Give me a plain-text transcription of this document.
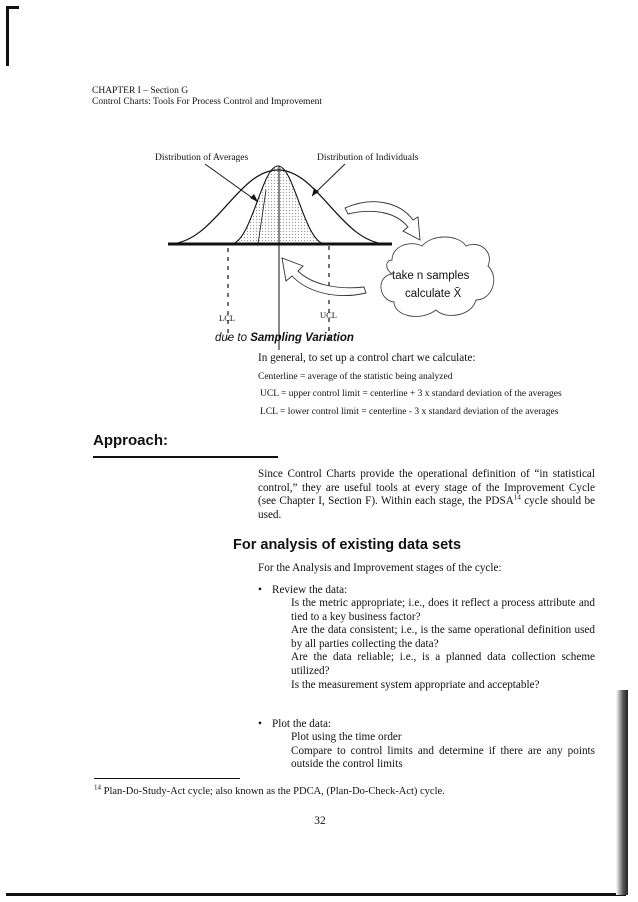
CHAPTER I – Section G
Control Charts: Tools For Process Control and Improvement
Distribution of Averages	Distribution of Individuals
take n samples
calculate X̄
LCL	UCL
due to Sampling Variation
In general, to set up a control chart we calculate:
Centerline = average of the statistic being analyzed
UCL = upper control limit = centerline + 3 x standard deviation of the averages
LCL = lower control limit = centerline - 3 x standard deviation of the averages
Approach:
Since Control Charts provide the operational definition of “in statistical control,” they are useful tools at every stage of the Improvement Cycle (see Chapter I, Section F). Within each stage, the PDSA$^{14}$ cycle should be used.
For analysis of existing data sets
For the Analysis and Improvement stages of the cycle:
• Review the data:
Is the metric appropriate; i.e., does it reflect a process attribute and tied to a key business factor?
Are the data consistent; i.e., is the same operational definition used by all parties collecting the data?
Are the data reliable; i.e., is a planned data collection scheme utilized?
Is the measurement system appropriate and acceptable?
• Plot the data:
Plot using the time order
Compare to control limits and determine if there are any points outside the control limits
$^{14}$ Plan-Do-Study-Act cycle; also known as the PDCA, (Plan-Do-Check-Act) cycle.
32
